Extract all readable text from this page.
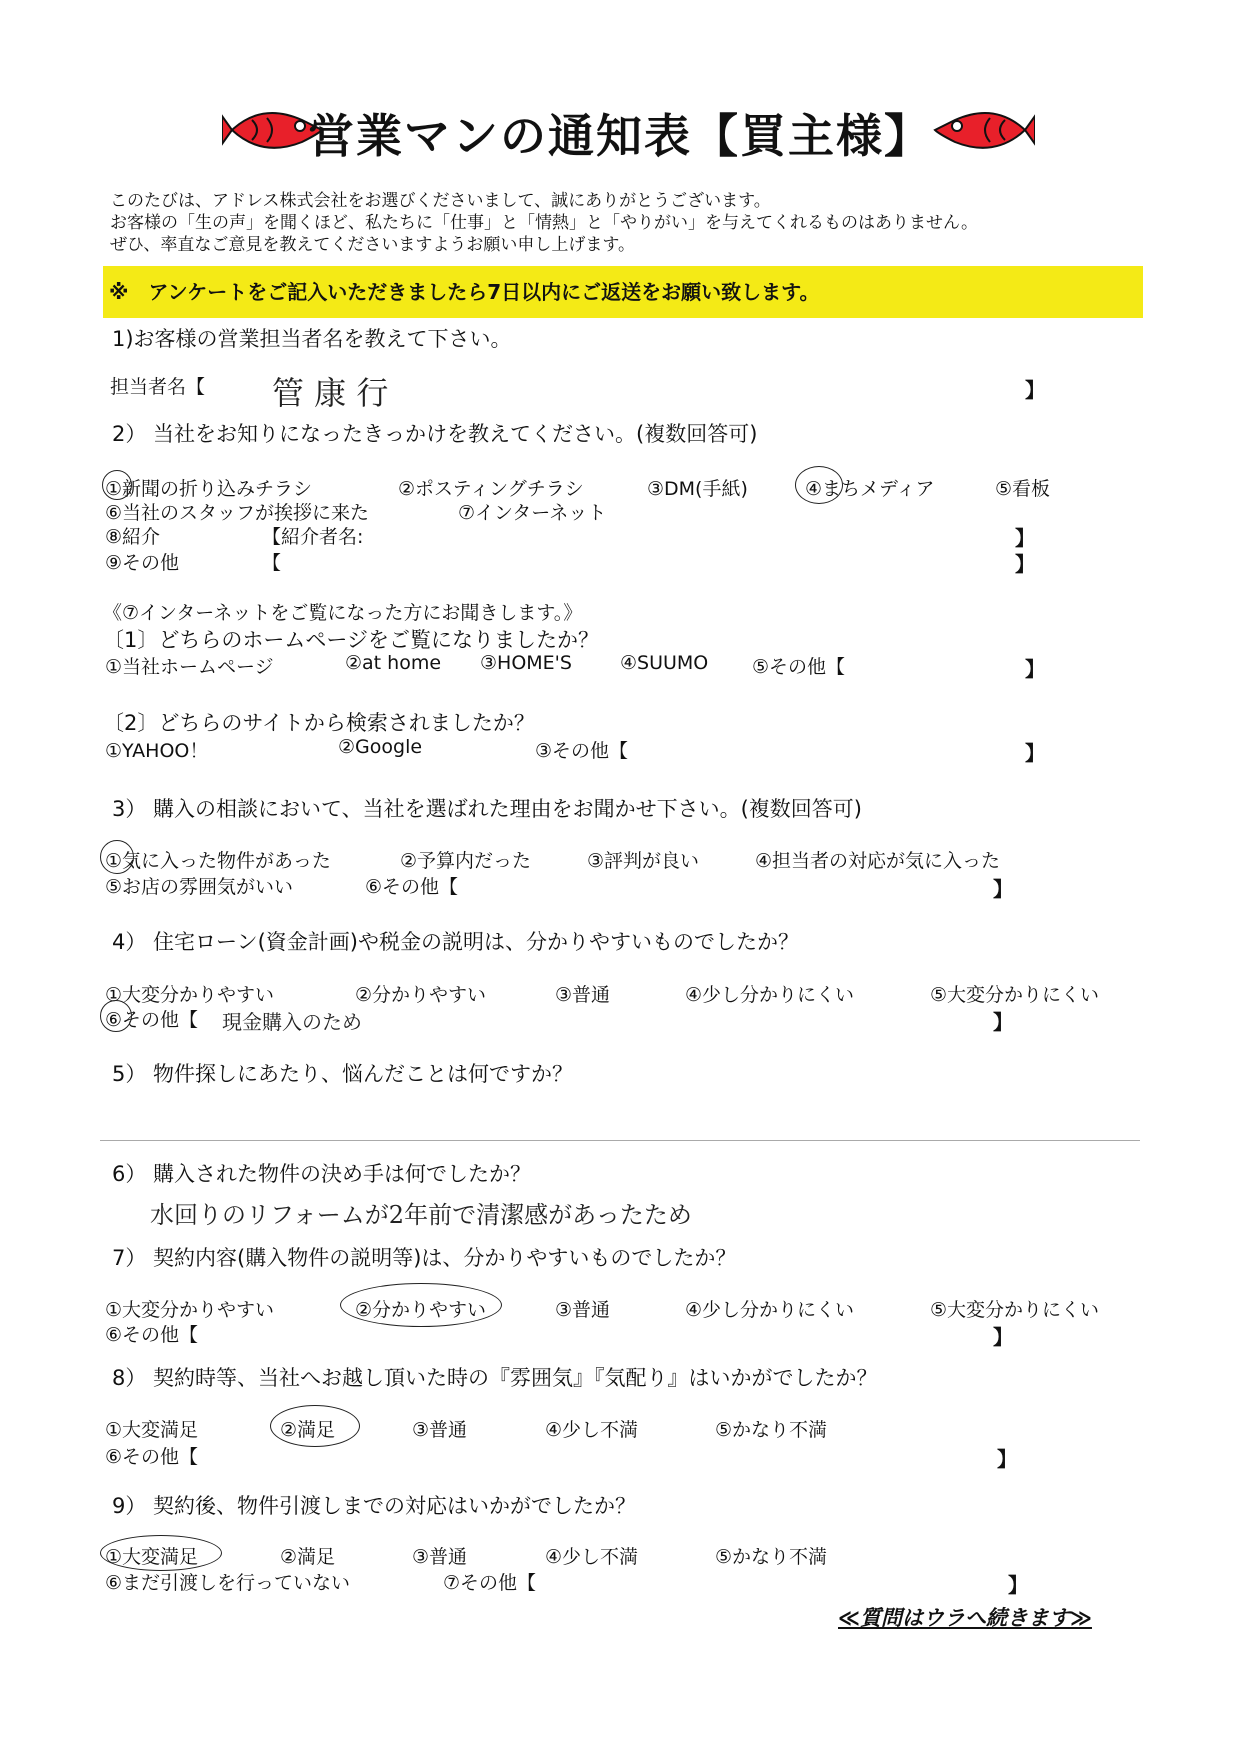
営業マンの通知表【買主様】
このたびは、アドレス株式会社をお選びくださいまして、誠にありがとうございます。
お客様の「生の声」を聞くほど、私たちに「仕事」と「情熱」と「やりがい」を与えてくれるものはありません。
ぜひ、率直なご意見を教えてくださいますようお願い申し上げます。
※　アンケートをご記入いただきましたら7日以内にご返送をお願い致します。
1)お客様の営業担当者名を教えて下さい。
担当者名【 管 康 行	】
2） 当社をお知りになったきっかけを教えてください。(複数回答可)
①新聞の折り込みチラシ	②ポスティングチラシ	③DM(手紙)	④まちメディア	⑤看板
⑥当社のスタッフが挨拶に来た	⑦インターネット
⑧紹介	【紹介者名:	】
⑨その他	【	】
《⑦インターネットをご覧になった方にお聞きします。》
〔1〕どちらのホームページをご覧になりましたか？
①当社ホームページ	②at home ③HOME'S	④SUUMO ⑤その他【	】
〔2〕どちらのサイトから検索されましたか？
①YAHOO！	②Google	③その他【	】
3） 購入の相談において、当社を選ばれた理由をお聞かせ下さい。(複数回答可)
①気に入った物件があった	②予算内だった	③評判が良い	④担当者の対応が気に入った
⑤お店の雰囲気がいい	⑥その他【	】
4） 住宅ローン(資金計画)や税金の説明は、分かりやすいものでしたか？
①大変分かりやすい	②分かりやすい	③普通	④少し分かりにくい	⑤大変分かりにくい
⑥その他【 現金購入のため	】
5） 物件探しにあたり、悩んだことは何ですか？
6） 購入された物件の決め手は何でしたか？
水回りのリフォームが2年前で清潔感があったため
7） 契約内容(購入物件の説明等)は、分かりやすいものでしたか？
①大変分かりやすい	②分かりやすい	③普通	④少し分かりにくい	⑤大変分かりにくい
⑥その他【	】
8） 契約時等、当社へお越し頂いた時の『雰囲気』『気配り』はいかがでしたか？
①大変満足	②満足	③普通	④少し不満	⑤かなり不満
⑥その他【	】
9） 契約後、物件引渡しまでの対応はいかがでしたか？
①大変満足	②満足	③普通	④少し不満	⑤かなり不満
⑥まだ引渡しを行っていない	⑦その他【	】
≪質問はウラへ続きます≫
